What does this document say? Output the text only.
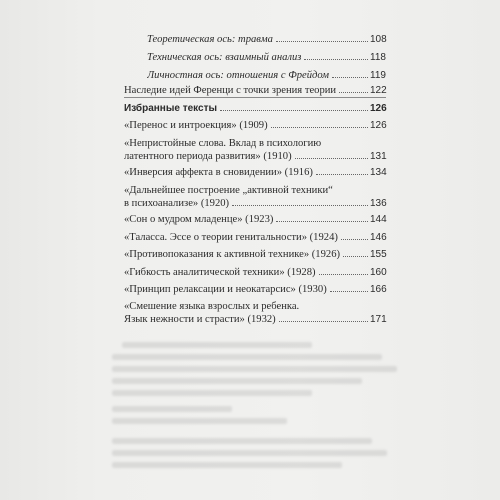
Теоретическая ось: травма	108
Техническая ось: взаимный анализ	118
Личностная ось: отношения с Фрейдом	119
Наследие идей Ференци с точки зрения теории	122
Избранные тексты	126
«Перенос и интроекция» (1909)	126
«Непристойные слова. Вклад в психологию
латентного периода развития» (1910)	131
«Инверсия аффекта в сновидении» (1916)	134
«Дальнейшее построение „активной техники“
в психоанализе» (1920)	136
«Сон о мудром младенце» (1923)	144
«Таласса. Эссе о теории генитальности» (1924)	146
«Противопоказания к активной технике» (1926)	155
«Гибкость аналитической техники» (1928)	160
«Принцип релаксации и неокатарсис» (1930)	166
«Смешение языка взрослых и ребенка.
Язык нежности и страсти» (1932)	171
